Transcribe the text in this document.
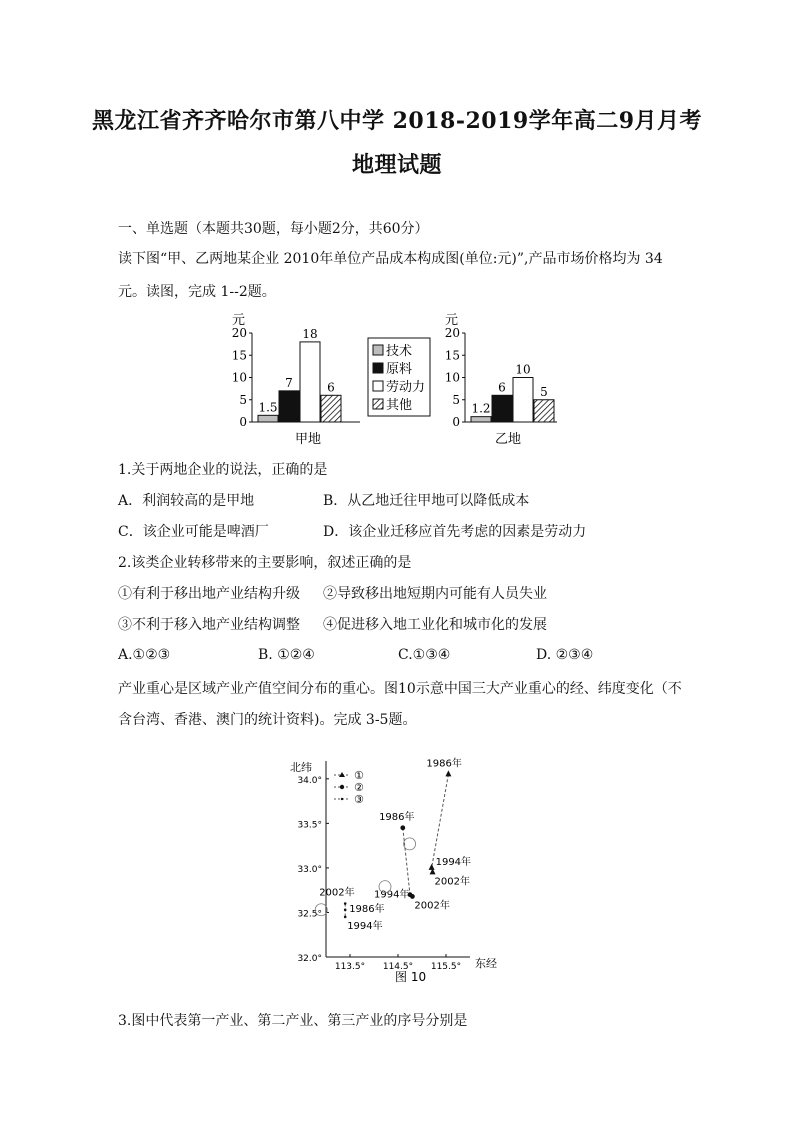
黑龙江省齐齐哈尔市第八中学 2018-2019学年高二9月月考
地理试题
一、单选题（本题共30题，每小题2分，共60分）
读下图“甲、乙两地某企业 2010年单位产品成本构成图(单位:元)”,产品市场价格均为 34
元。读图，完成 1--2题。
元
0
5
10
15
20
1.5
7
18
6
甲地
技术
原料
劳动力
其他
元
0
5
10
15
20
1.2
6
10
5
乙地
1.关于两地企业的说法，正确的是
A．利润较高的是甲地	B．从乙地迁往甲地可以降低成本
C．该企业可能是啤酒厂	D．该企业迁移应首先考虑的因素是劳动力
2.该类企业转移带来的主要影响，叙述正确的是
①有利于移出地产业结构升级 ②导致移出地短期内可能有人员失业
③不利于移入地产业结构调整 ④促进移入地工业化和城市化的发展
A.①②③	B. ①②④	C.①③④	D. ②③④
产业重心是区域产业产值空间分布的重心。图10示意中国三大产业重心的经、纬度变化（不
含台湾、香港、澳门的统计资料)。完成 3-5题。
北纬
东经
32.0°
32.5°
33.0°
33.5°
34.0°
113.5° 114.5° 115.5°
①
②
③
1986年
1994年
2002年
1986年
1994年
2002年
2002年
1986年
1994年
图 10
3.图中代表第一产业、第二产业、第三产业的序号分别是
